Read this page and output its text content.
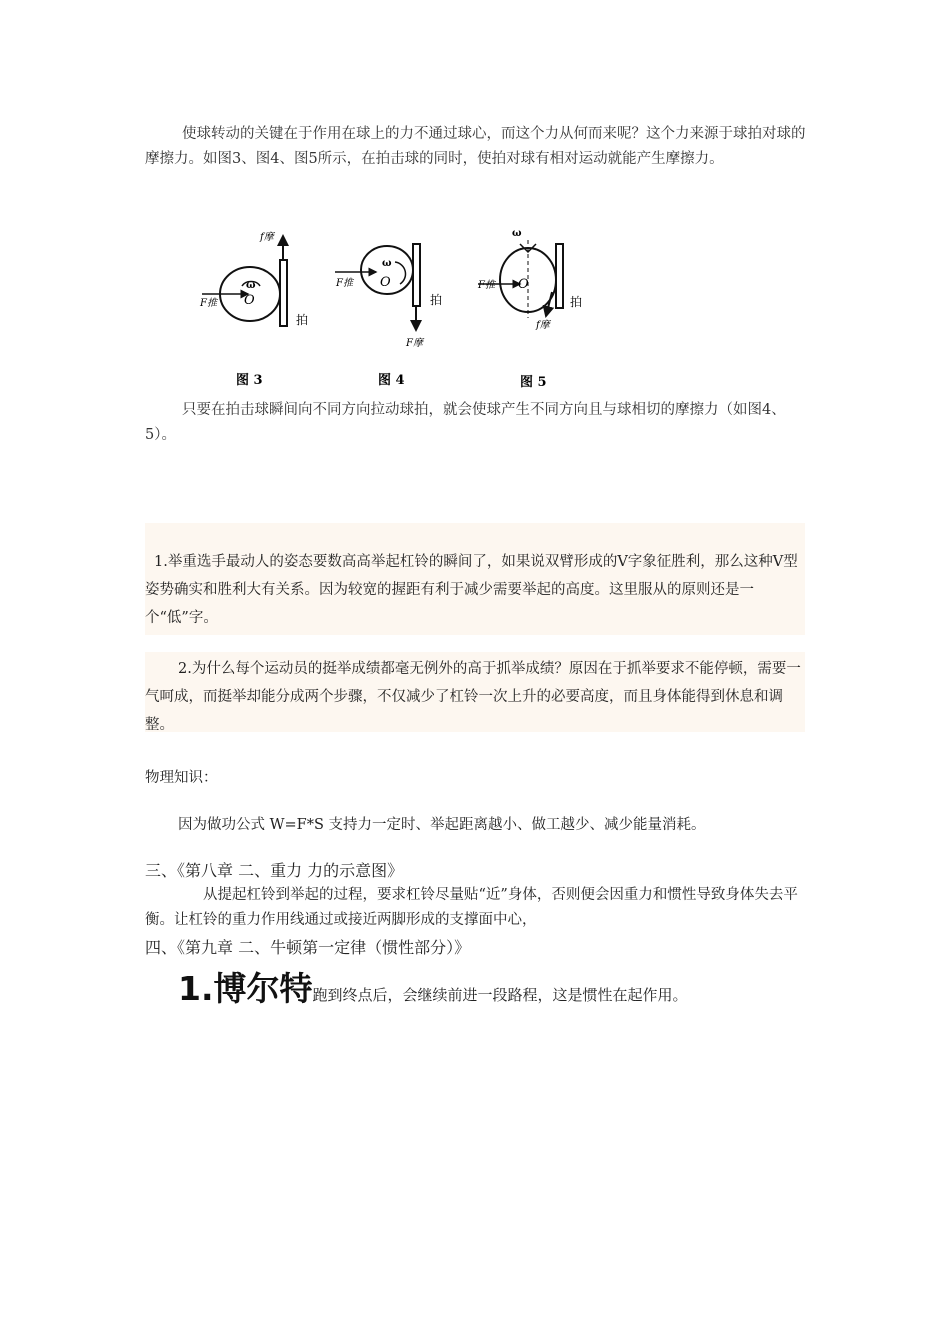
使球转动的关键在于作用在球上的力不通过球心，而这个力从何而来呢？这个力来源于球拍对球的摩擦力。如图3、图4、图5所示，在拍击球的同时，使拍对球有相对运动就能产生摩擦力。
f摩
ω
O
F推
拍
图 3
ω
O
F推
拍
F摩
图 4
ω
O
F推
拍
f摩
图 5
只要在拍击球瞬间向不同方向拉动球拍，就会使球产生不同方向且与球相切的摩擦力（如图4、5）。
1.举重选手最动人的姿态要数高高举起杠铃的瞬间了，如果说双臂形成的V字象征胜利，那么这种V型姿势确实和胜利大有关系。因为较宽的握距有利于减少需要举起的高度。这里服从的原则还是一个“低”字。
2.为什么每个运动员的挺举成绩都毫无例外的高于抓举成绩？原因在于抓举要求不能停顿，需要一气呵成，而挺举却能分成两个步骤，不仅减少了杠铃一次上升的必要高度，而且身体能得到休息和调整。
物理知识：
因为做功公式 W=F*S 支持力一定时、举起距离越小、做工越少、减少能量消耗。
三、《第八章 二、重力 力的示意图》
从提起杠铃到举起的过程，要求杠铃尽量贴“近”身体，否则便会因重力和惯性导致身体失去平衡。让杠铃的重力作用线通过或接近两脚形成的支撑面中心，
四、《第九章 二、牛顿第一定律（惯性部分）》
1.博尔特跑到终点后，会继续前进一段路程，这是惯性在起作用。
